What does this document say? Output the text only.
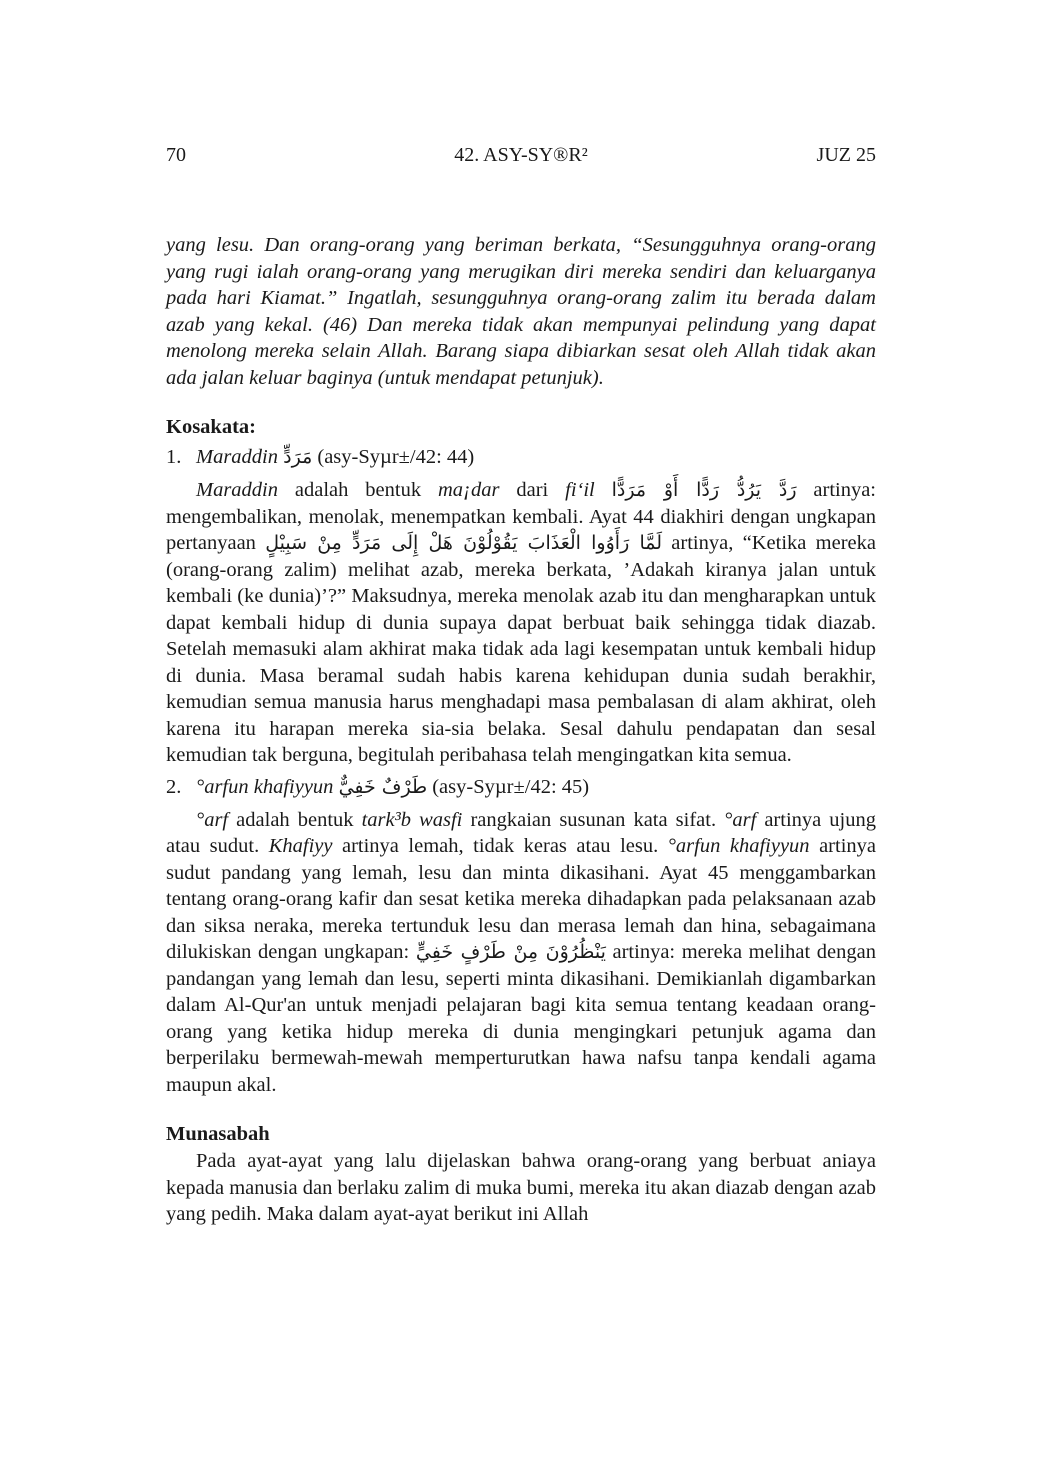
70	42. ASY-SY®R²	JUZ 25

yang lesu. Dan orang-orang yang beriman berkata, “Sesungguhnya orang-orang yang rugi ialah orang-orang yang merugikan diri mereka sendiri dan keluarganya pada hari Kiamat.” Ingatlah, sesungguhnya orang-orang zalim itu berada dalam azab yang kekal. (46) Dan mereka tidak akan mempunyai pelindung yang dapat menolong mereka selain Allah. Barang siapa dibiarkan sesat oleh Allah tidak akan ada jalan keluar baginya (untuk mendapat petunjuk).

Kosakata:
1. Maraddin مَرَدٍّ (asy-Syµr±/42: 44)

Maraddin adalah bentuk ma¡dar dari fi‘il رَدَّ يَرُدُّ رَدًّا أَوْ مَرَدًّا artinya: mengembalikan, menolak, menempatkan kembali. Ayat 44 diakhiri dengan ungkapan pertanyaan لَمَّا رَأَوُوا الْعَذَابَ يَقُوْلُوْنَ هَلْ إِلَى مَرَدٍّ مِنْ سَبِيْلٍ artinya, “Ketika mereka (orang-orang zalim) melihat azab, mereka berkata, ’Adakah kiranya jalan untuk kembali (ke dunia)’?” Maksudnya, mereka menolak azab itu dan mengharapkan untuk dapat kembali hidup di dunia supaya dapat berbuat baik sehingga tidak diazab. Setelah memasuki alam akhirat maka tidak ada lagi kesempatan untuk kembali hidup di dunia. Masa beramal sudah habis karena kehidupan dunia sudah berakhir, kemudian semua manusia harus menghadapi masa pembalasan di alam akhirat, oleh karena itu harapan mereka sia-sia belaka. Sesal dahulu pendapatan dan sesal kemudian tak berguna, begitulah peribahasa telah mengingatkan kita semua.

2. °arfun khafiyyun طَرْفٌ خَفِيٌّ (asy-Syµr±/42: 45)

°arf adalah bentuk tark³b wasfi rangkaian susunan kata sifat. °arf artinya ujung atau sudut. Khafiyy artinya lemah, tidak keras atau lesu. °arfun khafiyyun artinya sudut pandang yang lemah, lesu dan minta dikasihani. Ayat 45 menggambarkan tentang orang-orang kafir dan sesat ketika mereka dihadapkan pada pelaksanaan azab dan siksa neraka, mereka tertunduk lesu dan merasa lemah dan hina, sebagaimana dilukiskan dengan ungkapan: يَنْظُرُوْنَ مِنْ طَرْفٍ خَفِيٍّ artinya: mereka melihat dengan pandangan yang lemah dan lesu, seperti minta dikasihani. Demikianlah digambarkan dalam Al-Qur'an untuk menjadi pelajaran bagi kita semua tentang keadaan orang-orang yang ketika hidup mereka di dunia mengingkari petunjuk agama dan berperilaku bermewah-mewah memperturutkan hawa nafsu tanpa kendali agama maupun akal.

Munasabah

Pada ayat-ayat yang lalu dijelaskan bahwa orang-orang yang berbuat aniaya kepada manusia dan berlaku zalim di muka bumi, mereka itu akan diazab dengan azab yang pedih. Maka dalam ayat-ayat berikut ini Allah
